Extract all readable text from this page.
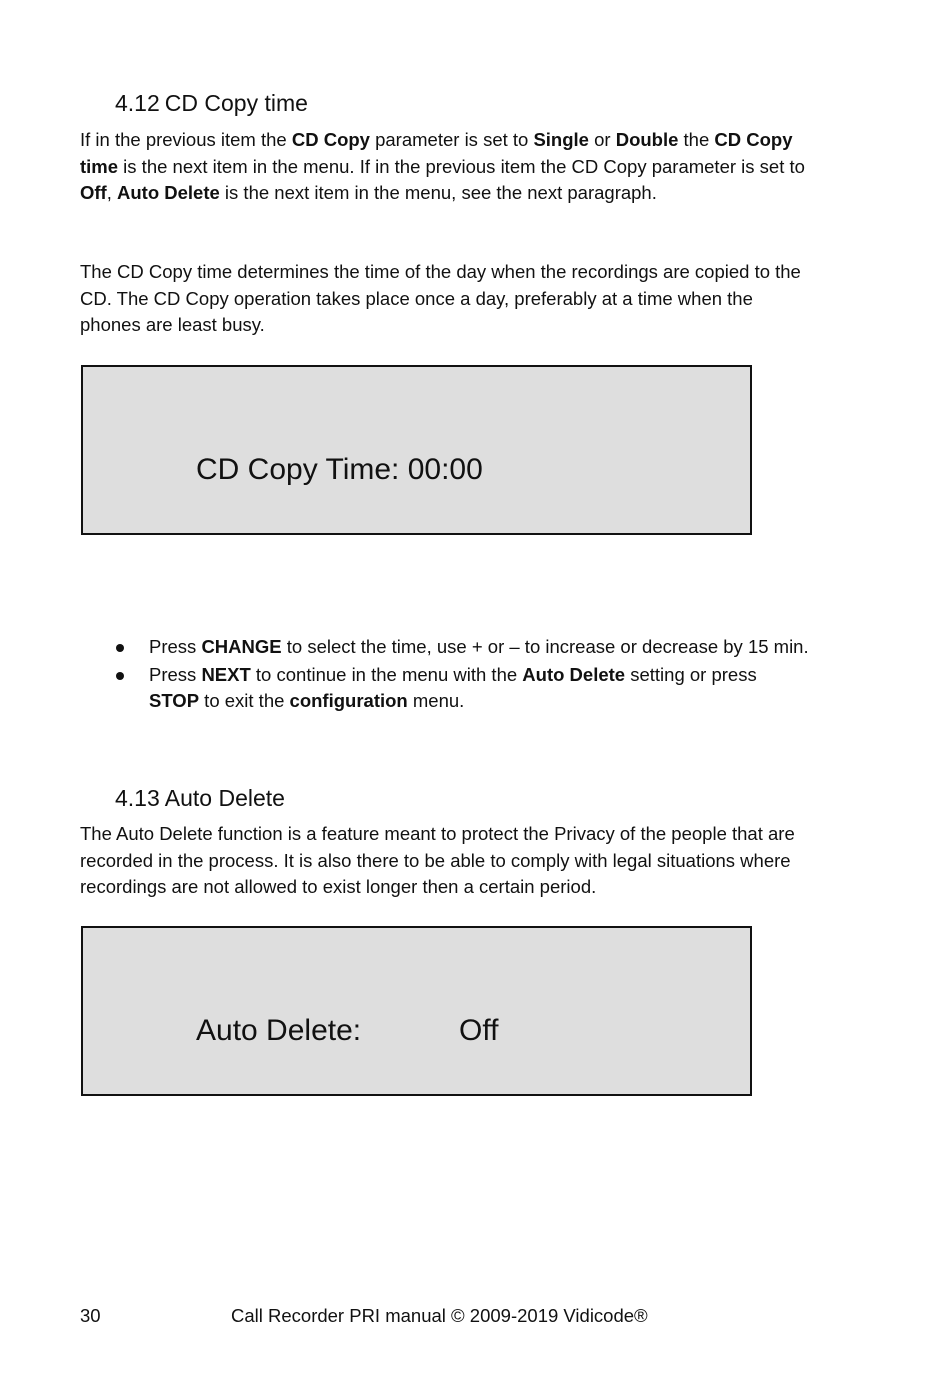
4.12 CD Copy time

If in the previous item the CD Copy parameter is set to Single or Double the CD Copy time is the next item in the menu. If in the previous item the CD Copy parameter is set to Off, Auto Delete is the next item in the menu, see the next paragraph.

The CD Copy time determines the time of the day when the recordings are copied to the CD. The CD Copy operation takes place once a day, preferably at a time when the phones are least busy.

CD Copy Time: 00:00
Press CHANGE to select the time, use + or – to increase or decrease by 15 min.
Press NEXT to continue in the menu with the Auto Delete setting or press STOP to exit the configuration menu.
4.13 Auto Delete

The Auto Delete function is a feature meant to protect the Privacy of the people that are recorded in the process. It is also there to be able to comply with legal situations where recordings are not allowed to exist longer then a certain period.

Auto Delete:	Off
30	Call Recorder PRI manual © 2009-2019 Vidicode®
